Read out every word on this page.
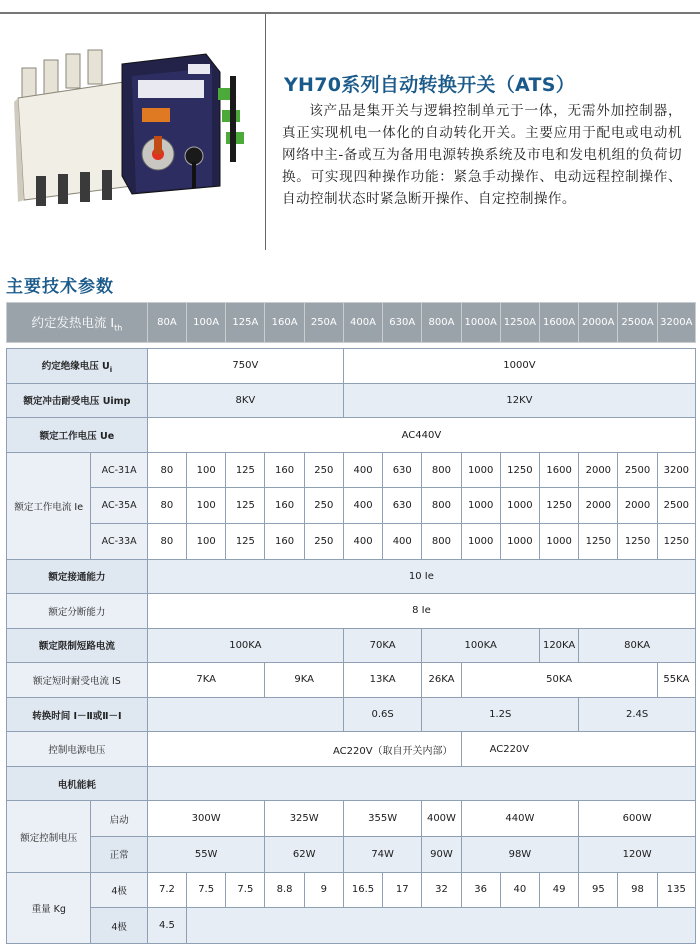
YH70系列自动转换开关（ATS）

该产品是集开关与逻辑控制单元于一体，无需外加控制器，真正实现机电一体化的自动转化开关。主要应用于配电或电动机网络中主-备或互为备用电源转换系统及市电和发电机组的负荷切换。可实现四种操作功能：紧急手动操作、电动远程控制操作、自动控制状态时紧急断开操作、自定控制操作。

主要技术参数
约定发热电流 $I_{th}$		80A	100A	125A	160A	250A	400A	630A	800A	1000A	1250A	1600A	2000A	2500A	3200A

约定绝缘电压 $U_i$		750V					1000V								
额定冲击耐受电压 Uimp		8KV					12KV								
额定工作电压 Ue		AC440V													
额定工作电流 Ie	AC-31A	80	100	125	160	250	400	630	800	1000	1250	1600	2000	2500	3200
	AC-35A	80	100	125	160	250	400	630	800	1000	1000	1250	2000	2000	2500
	AC-33A	80	100	125	160	250	400	400	800	1000	1000	1000	1250	1250	1250
额定接通能力		10 Ie													
额定分断能力		8 Ie													
额定限制短路电流		100KA					70KA		100KA			120KA	80KA		
额定短时耐受电流 IS		7KA			9KA		13KA		26KA	50KA					55KA
转换时间 Ⅰ－Ⅱ或Ⅱ－Ⅰ							0.6S		1.2S				2.4S		
控制电源电压		AC220V（取自开关内部）								AC220V					
电机能耗															
额定控制电压	启动	300W			325W		355W		400W	440W			600W		
	正常	55W			62W		74W		90W	98W			120W		
重量 Kg	4极	7.2	7.5	7.5	8.8	9	16.5	17	32	36	40	49	95	98	135
	4极	4.5													
